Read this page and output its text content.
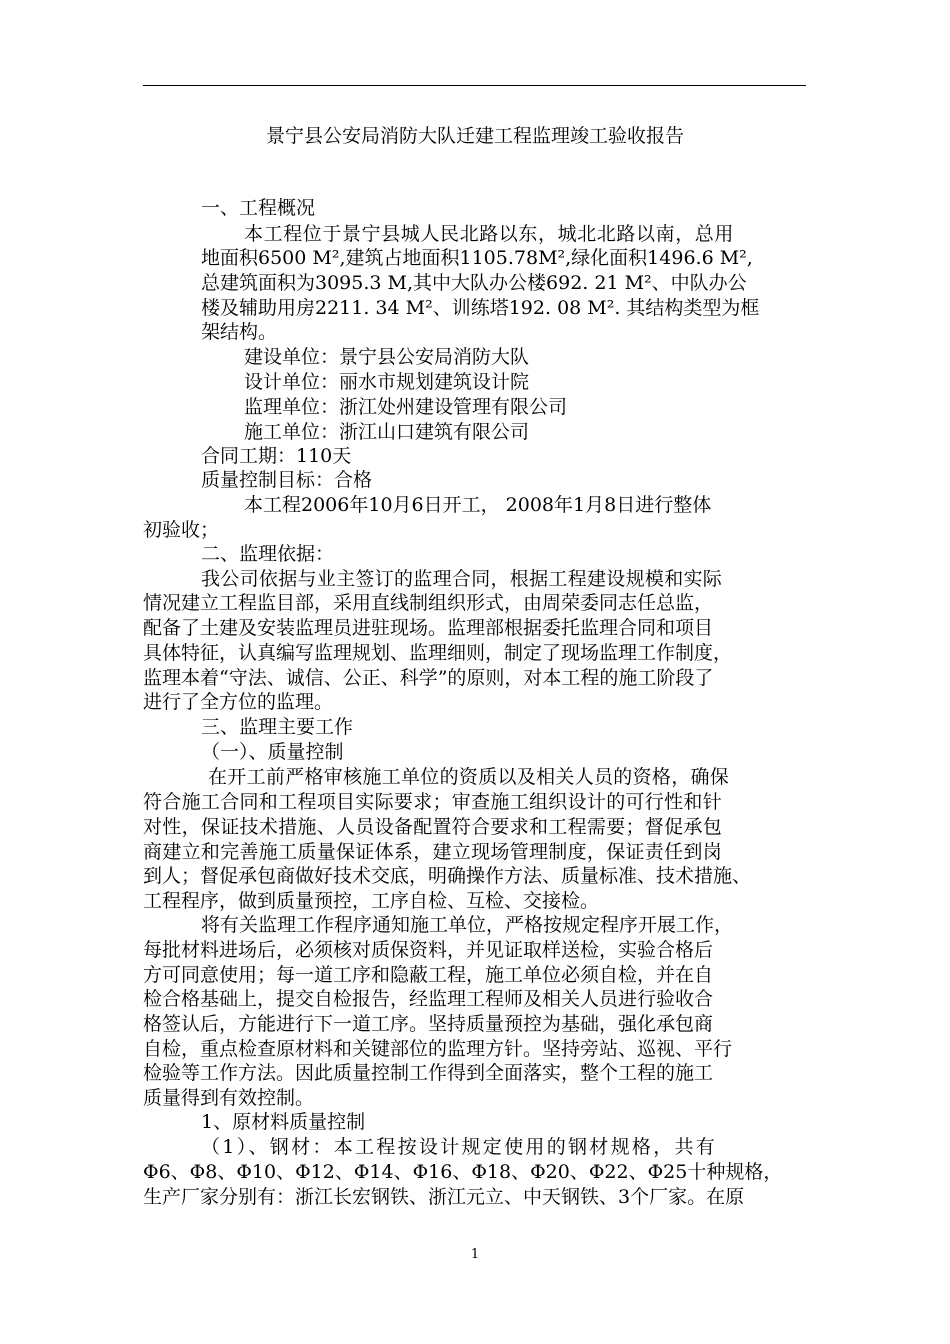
景宁县公安局消防大队迁建工程监理竣工验收报告
一、工程概况
本工程位于景宁县城人民北路以东，城北北路以南，总用
地面积6500 M²,建筑占地面积1105.78M²,绿化面积1496.6 M²,
总建筑面积为3095.3 M,其中大队办公楼692. 21 M²、中队办公
楼及辅助用房2211. 34 M²、训练塔192. 08 M². 其结构类型为框
架结构。
建设单位：景宁县公安局消防大队
设计单位：丽水市规划建筑设计院
监理单位：浙江处州建设管理有限公司
施工单位：浙江山口建筑有限公司
合同工期：110天
质量控制目标：合格
本工程2006年10月6日开工， 2008年1月8日进行整体
初验收；
二、监理依据：
我公司依据与业主签订的监理合同，根据工程建设规模和实际
情况建立工程监目部，采用直线制组织形式，由周荣委同志任总监，
配备了土建及安装监理员进驻现场。监理部根据委托监理合同和项目
具体特征，认真编写监理规划、监理细则，制定了现场监理工作制度，
监理本着“守法、诚信、公正、科学”的原则，对本工程的施工阶段了
进行了全方位的监理。
三、监理主要工作
（一）、质量控制
在开工前严格审核施工单位的资质以及相关人员的资格，确保
符合施工合同和工程项目实际要求；审查施工组织设计的可行性和针
对性，保证技术措施、人员设备配置符合要求和工程需要；督促承包
商建立和完善施工质量保证体系，建立现场管理制度，保证责任到岗
到人；督促承包商做好技术交底，明确操作方法、质量标准、技术措施、
工程程序，做到质量预控，工序自检、互检、交接检。
将有关监理工作程序通知施工单位，严格按规定程序开展工作，
每批材料进场后，必须核对质保资料，并见证取样送检，实验合格后
方可同意使用；每一道工序和隐蔽工程，施工单位必须自检，并在自
检合格基础上，提交自检报告，经监理工程师及相关人员进行验收合
格签认后，方能进行下一道工序。坚持质量预控为基础，强化承包商
自检，重点检查原材料和关键部位的监理方针。坚持旁站、巡视、平行
检验等工作方法。因此质量控制工作得到全面落实，整个工程的施工
质量得到有效控制。
1、原材料质量控制
（1）、钢材：本工程按设计规定使用的钢材规格，共有
Φ6、Φ8、Φ10、Φ12、Φ14、Φ16、Φ18、Φ20、Φ22、Φ25十种规格，
生产厂家分别有：浙江长宏钢铁、浙江元立、中天钢铁、3个厂家。在原
1
